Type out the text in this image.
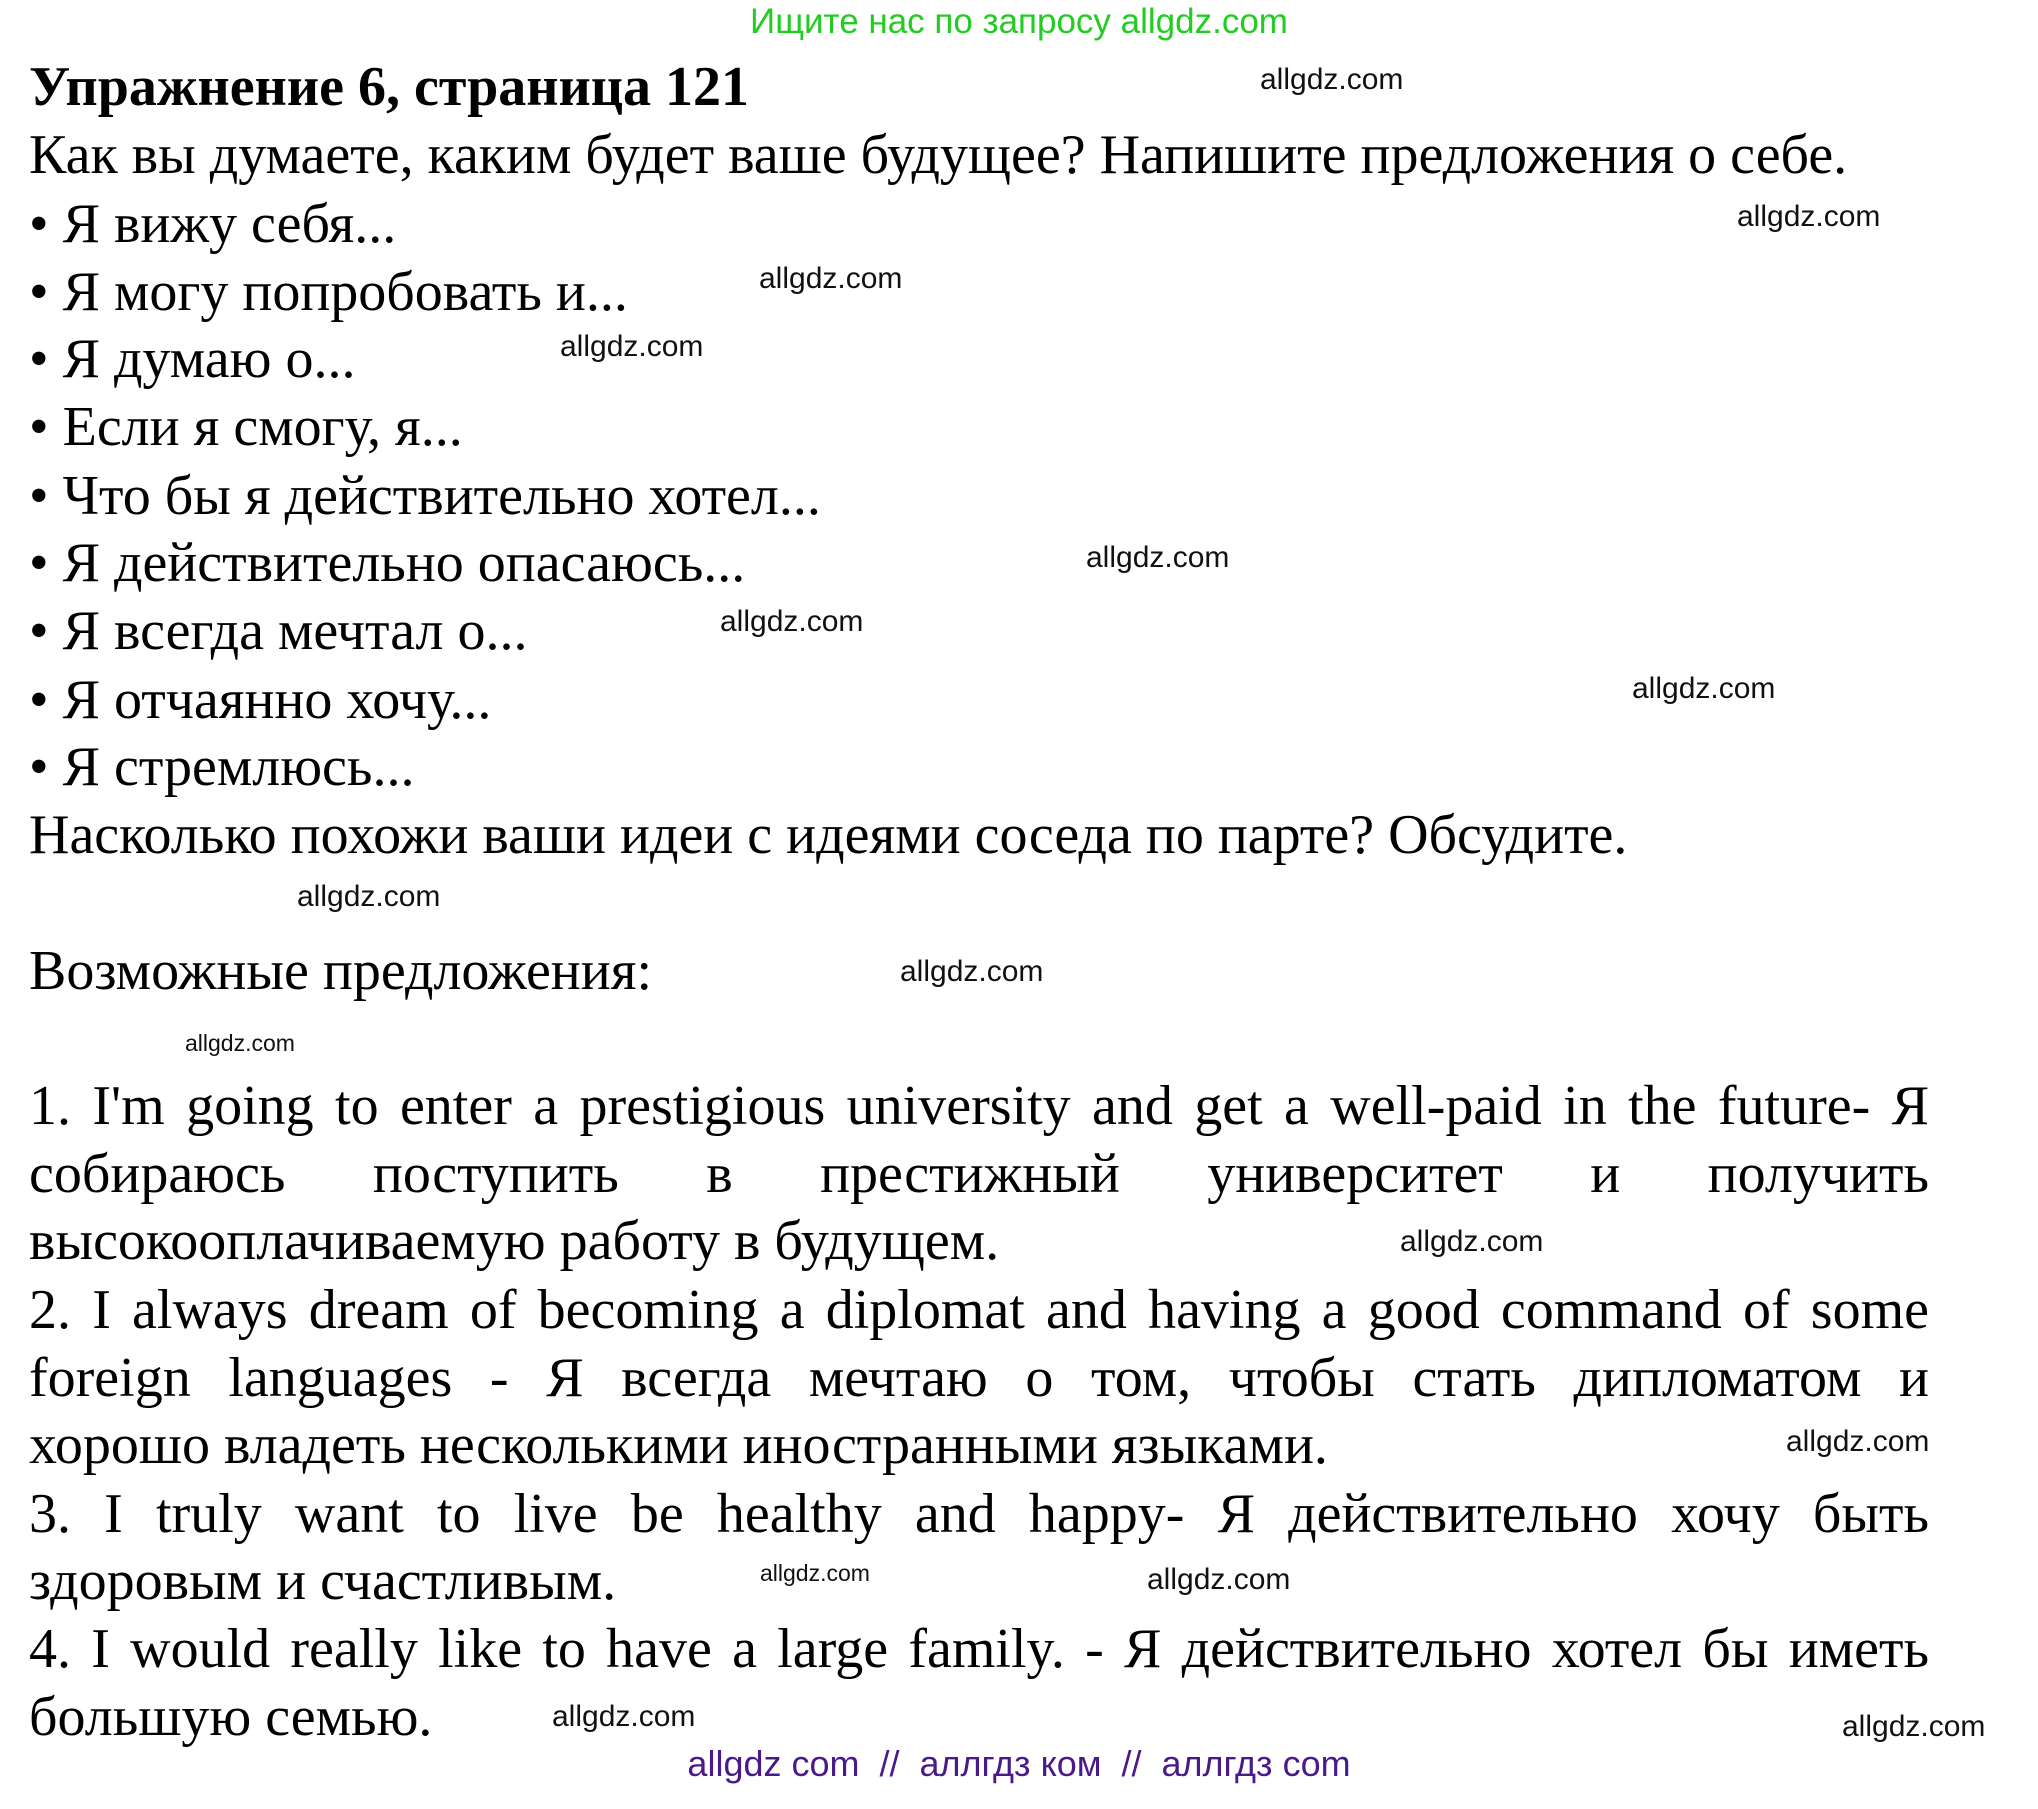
Ищите нас по запросу allgdz.com
Упражнение 6, страница 121
Как вы думаете, каким будет ваше будущее? Напишите предложения о себе.
• Я вижу себя...
• Я могу попробовать и...
• Я думаю о...
• Если я смогу, я...
• Что бы я действительно хотел...
• Я действительно опасаюсь...
• Я всегда мечтал о...
• Я отчаянно хочу...
• Я стремлюсь...
Насколько похожи ваши идеи с идеями соседа по парте? Обсудите.
Возможные предложения:
1. I'm going to enter a prestigious university and get a well-paid in the future- Я
собираюсь поступить в престижный университет и получить
высокооплачиваемую работу в будущем.
2. I always dream of becoming a diplomat and having a good command of some
foreign languages - Я всегда мечтаю о том, чтобы стать дипломатом и
хорошо владеть несколькими иностранными языками.
3. I truly want to live be healthy and happy- Я действительно хочу быть
здоровым и счастливым.
4. I would really like to have a large family. - Я действительно хотел бы иметь
большую семью.
allgdz.com
allgdz.com
allgdz.com
allgdz.com
allgdz.com
allgdz.com
allgdz.com
allgdz.com
allgdz.com
allgdz.com
allgdz.com
allgdz.com
allgdz.com	allgdz.com
allgdz.com	allgdz.com
allgdz com  //  аллгдз ком  //  аллгдз com
